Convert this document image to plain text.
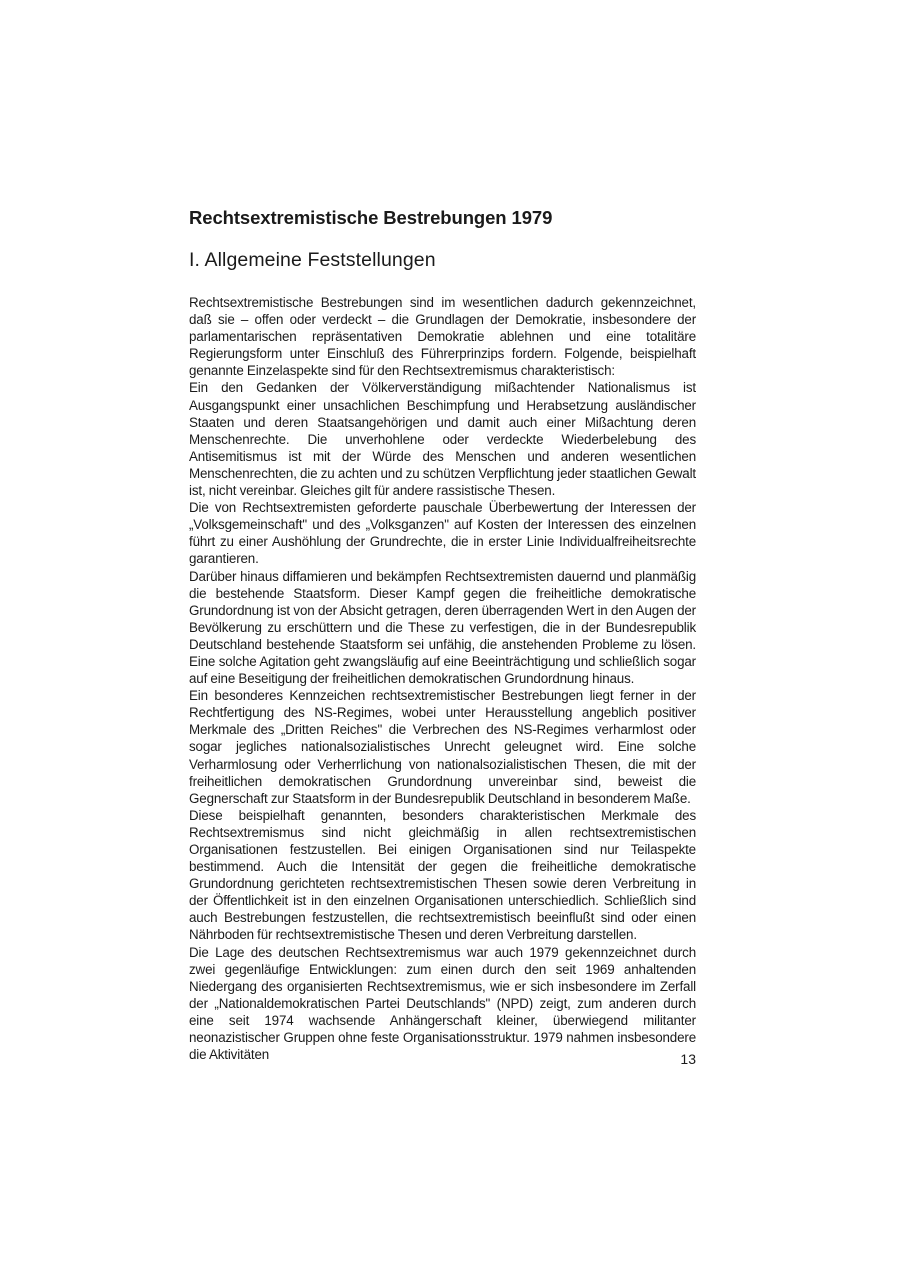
Rechtsextremistische Bestrebungen 1979
I. Allgemeine Feststellungen

Rechtsextremistische Bestrebungen sind im wesentlichen dadurch gekennzeichnet, daß sie – offen oder verdeckt – die Grundlagen der Demokratie, insbesondere der parlamentarischen repräsentativen Demokratie ablehnen und eine totalitäre Regierungsform unter Einschluß des Führerprinzips fordern. Folgende, beispielhaft genannte Einzelaspekte sind für den Rechtsextremismus charakteristisch:

Ein den Gedanken der Völkerverständigung mißachtender Nationalismus ist Ausgangspunkt einer unsachlichen Beschimpfung und Herabsetzung ausländischer Staaten und deren Staatsangehörigen und damit auch einer Mißachtung deren Menschenrechte. Die unverhohlene oder verdeckte Wiederbelebung des Antisemitismus ist mit der Würde des Menschen und anderen wesentlichen Menschenrechten, die zu achten und zu schützen Verpflichtung jeder staatlichen Gewalt ist, nicht vereinbar. Gleiches gilt für andere rassistische Thesen.

Die von Rechtsextremisten geforderte pauschale Überbewertung der Interessen der „Volksgemeinschaft" und des „Volksganzen" auf Kosten der Interessen des einzelnen führt zu einer Aushöhlung der Grundrechte, die in erster Linie Individualfreiheitsrechte garantieren.

Darüber hinaus diffamieren und bekämpfen Rechtsextremisten dauernd und planmäßig die bestehende Staatsform. Dieser Kampf gegen die freiheitliche demokratische Grundordnung ist von der Absicht getragen, deren überragenden Wert in den Augen der Bevölkerung zu erschüttern und die These zu verfestigen, die in der Bundesrepublik Deutschland bestehende Staatsform sei unfähig, die anstehenden Probleme zu lösen. Eine solche Agitation geht zwangsläufig auf eine Beeinträchtigung und schließlich sogar auf eine Beseitigung der freiheitlichen demokratischen Grundordnung hinaus.

Ein besonderes Kennzeichen rechtsextremistischer Bestrebungen liegt ferner in der Rechtfertigung des NS-Regimes, wobei unter Herausstellung angeblich positiver Merkmale des „Dritten Reiches" die Verbrechen des NS-Regimes verharmlost oder sogar jegliches nationalsozialistisches Unrecht geleugnet wird. Eine solche Verharmlosung oder Verherrlichung von nationalsozialistischen Thesen, die mit der freiheitlichen demokratischen Grundordnung unvereinbar sind, beweist die Gegnerschaft zur Staatsform in der Bundesrepublik Deutschland in besonderem Maße.

Diese beispielhaft genannten, besonders charakteristischen Merkmale des Rechtsextremismus sind nicht gleichmäßig in allen rechtsextremistischen Organisationen festzustellen. Bei einigen Organisationen sind nur Teilaspekte bestimmend. Auch die Intensität der gegen die freiheitliche demokratische Grundordnung gerichteten rechtsextremistischen Thesen sowie deren Verbreitung in der Öffentlichkeit ist in den einzelnen Organisationen unterschiedlich. Schließlich sind auch Bestrebungen festzustellen, die rechtsextremistisch beeinflußt sind oder einen Nährboden für rechtsextremistische Thesen und deren Verbreitung darstellen.

Die Lage des deutschen Rechtsextremismus war auch 1979 gekennzeichnet durch zwei gegenläufige Entwicklungen: zum einen durch den seit 1969 anhaltenden Niedergang des organisierten Rechtsextremismus, wie er sich insbesondere im Zerfall der „Nationaldemokratischen Partei Deutschlands" (NPD) zeigt, zum anderen durch eine seit 1974 wachsende Anhängerschaft kleiner, überwiegend militanter neonazistischer Gruppen ohne feste Organisationsstruktur. 1979 nahmen insbesondere die Aktivitäten	13
